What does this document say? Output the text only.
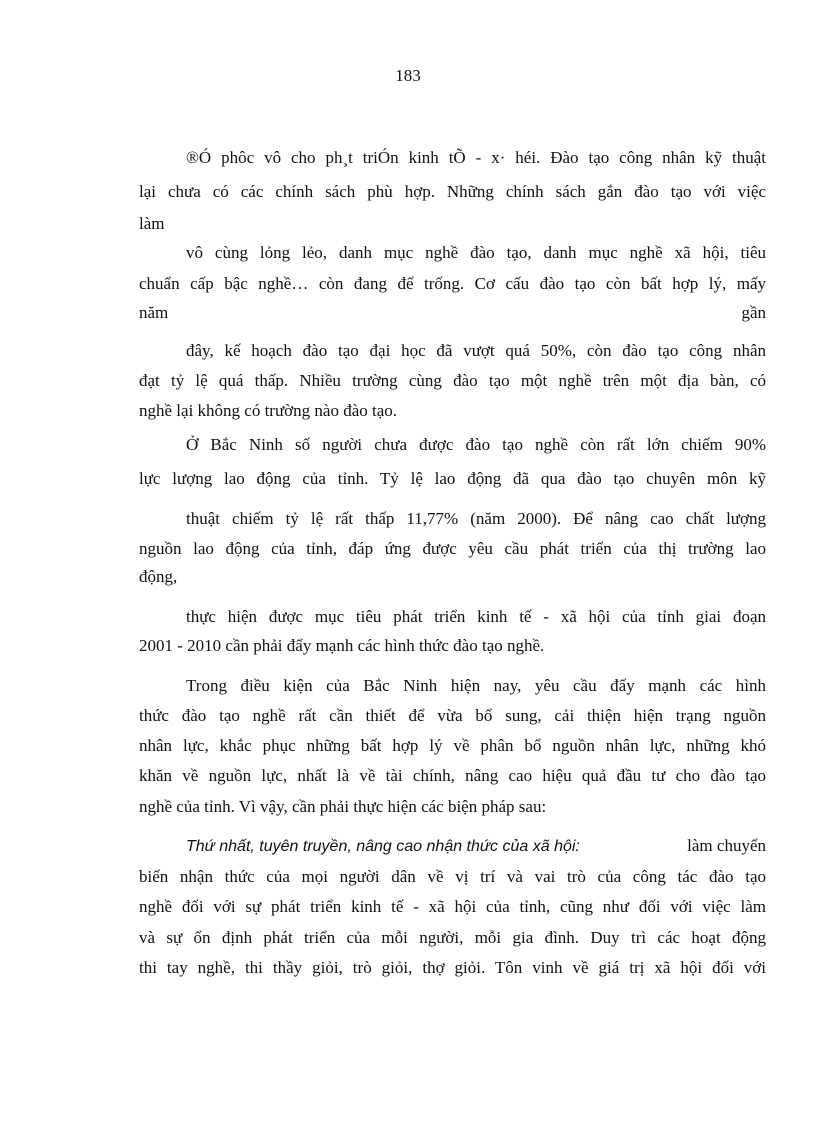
183
®Ó phôc vô cho ph¸t triÓn kinh tÕ - x· héi. Đào tạo công nhân kỹ thuật
lại chưa có các chính sách phù hợp. Những chính sách gắn đào tạo với việc
làm
vô cùng lỏng lẻo, danh mục nghề đào tạo, danh mục nghề xã hội, tiêu
chuẩn cấp bậc nghề… còn đang để trống. Cơ cấu đào tạo còn bất hợp lý, mấy
năm	gần
đây, kế hoạch đào tạo đại học đã vượt quá 50%, còn đào tạo công nhân
đạt tỷ lệ quá thấp. Nhiều trường cùng đào tạo một nghề trên một địa bàn, có
nghề lại không có trường nào đào tạo.
Ở Bắc Ninh số người chưa được đào tạo nghề còn rất lớn chiếm 90%
lực lượng lao động của tỉnh. Tỷ lệ lao động đã qua đào tạo chuyên môn kỹ
thuật chiếm tỷ lệ rất thấp 11,77% (năm 2000). Để nâng cao chất lượng
nguồn lao động của tỉnh, đáp ứng được yêu cầu phát triển của thị trường lao
động,
thực hiện được mục tiêu phát triển kinh tế - xã hội của tỉnh giai đoạn
2001 - 2010 cần phải đẩy mạnh các hình thức đào tạo nghề.
Trong điều kiện của Bắc Ninh hiện nay, yêu cầu đẩy mạnh các hình
thức đào tạo nghề rất cần thiết để vừa bổ sung, cải thiện hiện trạng nguồn
nhân lực, khắc phục những bất hợp lý về phân bổ nguồn nhân lực, những khó
khăn về nguồn lực, nhất là về tài chính, nâng cao hiệu quả đầu tư cho đào tạo
nghề của tỉnh. Vì vậy, cần phải thực hiện các biện pháp sau:
Thứ nhất, tuyên truyền, nâng cao nhận thức của xã hội:	làm chuyển
biến nhận thức của mọi người dân về vị trí và vai trò của công tác đào tạo
nghề đối với sự phát triển kinh tế - xã hội của tỉnh, cũng như đối với việc làm
và sự ổn định phát triển của mỗi người, mỗi gia đình. Duy trì các hoạt động
thi tay nghề, thi thầy giỏi, trò giỏi, thợ giỏi. Tôn vinh về giá trị xã hội đối với
